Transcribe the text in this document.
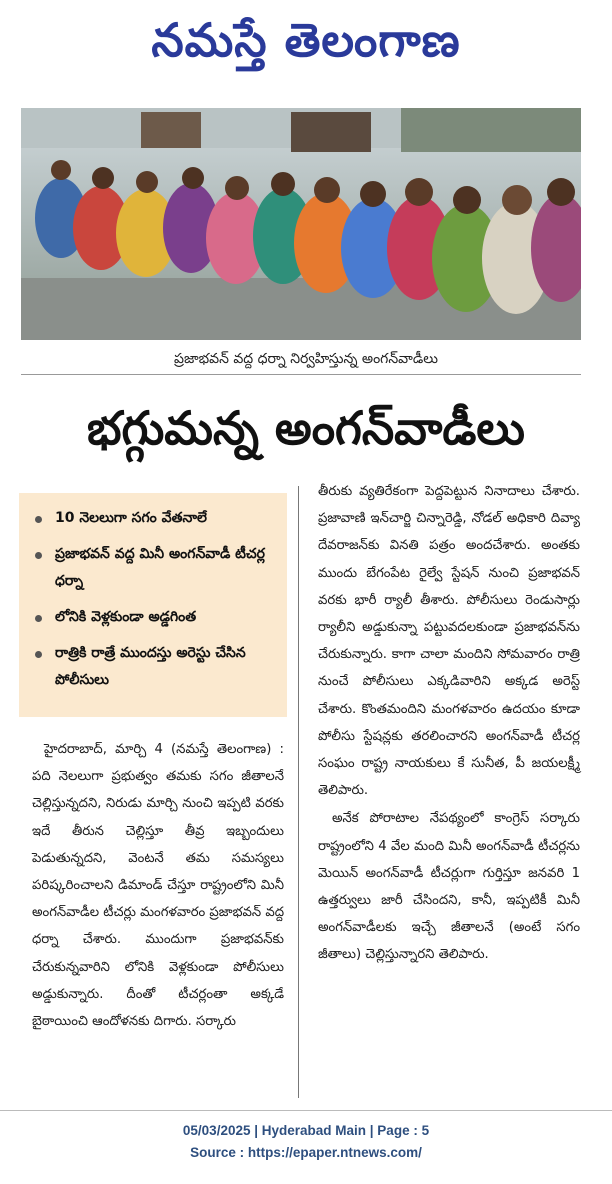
నమస్తే తెలంగాణ
ప్రజాభవన్ వద్ద ధర్నా నిర్వహిస్తున్న అంగన్‌వాడీలు
భగ్గుమన్న అంగన్‌వాడీలు
10 నెలలుగా సగం వేతనాలే
ప్రజాభవన్ వద్ద మినీ అంగన్‌వాడీ టీచర్ల ధర్నా
లోనికి వెళ్లకుండా అడ్డగింత
రాత్రికి రాత్రే ముందస్తు అరెస్టు చేసిన పోలీసులు
హైదరాబాద్, మార్చి 4 (నమస్తే తెలంగాణ) : పది నెలలుగా ప్రభుత్వం తమకు సగం జీతాలనే చెల్లిస్తున్నదని, నిరుడు మార్చి నుంచి ఇప్పటి వరకు ఇదే తీరున చెల్లిస్తూ తీవ్ర ఇబ్బందులు పెడుతున్నదని, వెంటనే తమ సమస్యలు పరిష్కరించాలని డిమాండ్ చేస్తూ రాష్ట్రంలోని మినీ అంగన్‌వాడీల టీచర్లు మంగళవారం ప్రజాభవన్ వద్ద ధర్నా చేశారు. ముందుగా ప్రజాభవన్‌కు చేరుకున్నవారిని లోనికి వెళ్లకుండా పోలీసులు అడ్డుకున్నారు. దీంతో టీచర్లంతా అక్కడే బైఠాయించి ఆందోళనకు దిగారు. సర్కారు

తీరుకు వ్యతిరేకంగా పెద్దపెట్టున నినాదాలు చేశారు. ప్రజావాణి ఇన్‌చార్జి చిన్నారెడ్డి, నోడల్ అధికారి దివ్యా దేవరాజన్‌కు వినతి పత్రం అందచేశారు. అంతకు ముందు బేగంపేట రైల్వే స్టేషన్ నుంచి ప్రజాభవన్ వరకు భారీ ర్యాలీ తీశారు. పోలీసులు రెండుసార్లు ర్యాలీని అడ్డుకున్నా పట్టువదలకుండా ప్రజాభవన్‌ను చేరుకున్నారు. కాగా చాలా మందిని సోమవారం రాత్రి నుంచే పోలీసులు ఎక్కడివారిని అక్కడ అరెస్ట్ చేశారు. కొంతమందిని మంగళవారం ఉదయం కూడా పోలీసు స్టేషన్లకు తరలించారని అంగన్‌వాడీ టీచర్ల సంఘం రాష్ట్ర నాయకులు కే సునీత, పీ జయలక్ష్మీ తెలిపారు.

అనేక పోరాటాల నేపథ్యంలో కాంగ్రెస్ సర్కారు రాష్ట్రంలోని 4 వేల మంది మినీ అంగన్‌వాడీ టీచర్లను మెయిన్ అంగన్‌వాడీ టీచర్లుగా గుర్తిస్తూ జనవరి 1 ఉత్తర్వులు జారీ చేసిందని, కానీ, ఇప్పటికీ మినీ అంగన్‌వాడీలకు ఇచ్చే జీతాలనే (అంటే సగం జీతాలు) చెల్లిస్తున్నారని తెలిపారు.

05/03/2025 | Hyderabad Main | Page : 5
Source : https://epaper.ntnews.com/
